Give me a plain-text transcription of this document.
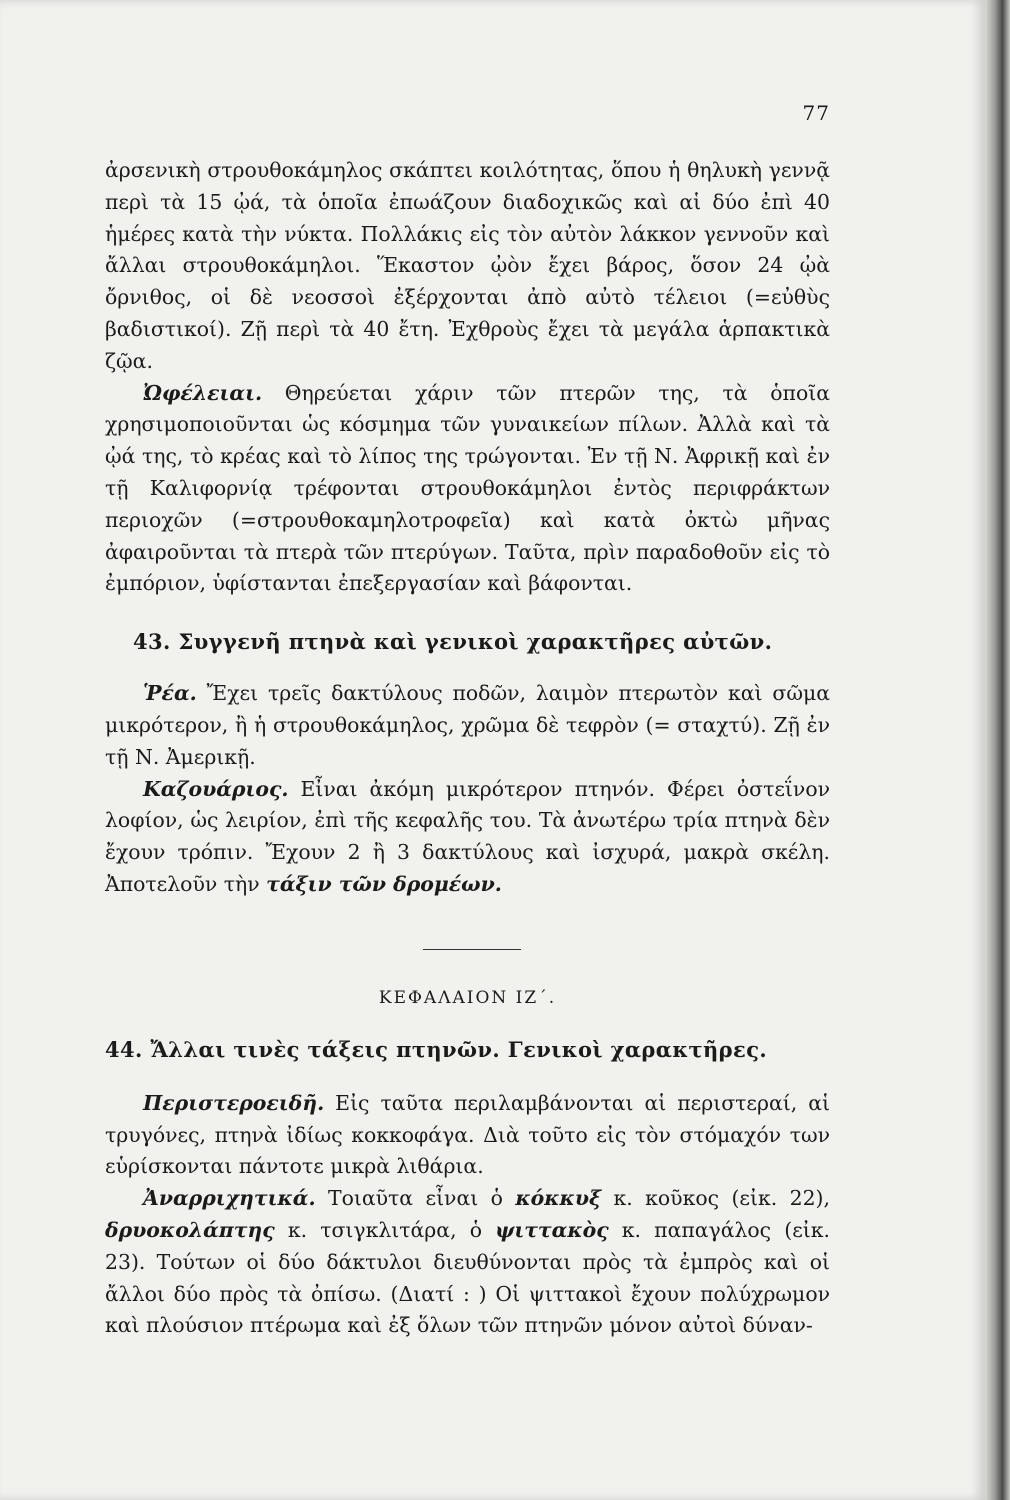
77

ἀρσενικὴ στρουθοκάμηλος σκάπτει κοιλότητας, ὅπου ἡ θηλυκὴ γεννᾷ περὶ τὰ 15 ᾠά, τὰ ὁποῖα ἐπωάζουν διαδοχικῶς καὶ αἱ δύο ἐπὶ 40 ἡμέρες κατὰ τὴν νύκτα. Πολλάκις εἰς τὸν αὐτὸν λάκκον γεννοῦν καὶ ἄλλαι στρουθοκάμηλοι. Ἕκαστον ᾠὸν ἔχει βάρος, ὅσον 24 ᾠὰ ὄρνιθος, οἱ δὲ νεοσσοὶ ἐξέρχονται ἀπὸ αὐτὸ τέλειοι (=εὐθὺς βαδιστικοί). Ζῇ περὶ τὰ 40 ἔτη. Ἐχθροὺς ἔχει τὰ μεγάλα ἁρπακτικὰ ζῷα.

Ὠφέλειαι. Θηρεύεται χάριν τῶν πτερῶν της, τὰ ὁποῖα χρησιμοποιοῦνται ὡς κόσμημα τῶν γυναικείων πίλων. Ἀλλὰ καὶ τὰ ᾠά της, τὸ κρέας καὶ τὸ λίπος της τρώγονται. Ἐν τῇ Ν. Ἀφρικῇ καὶ ἐν τῇ Καλιφορνίᾳ τρέφονται στρουθοκάμηλοι ἐντὸς περιφράκτων περιοχῶν (=στρουθοκαμηλοτροφεῖα) καὶ κατὰ ὀκτὼ μῆνας ἀφαιροῦνται τὰ πτερὰ τῶν πτερύγων. Ταῦτα, πρὶν παραδοθοῦν εἰς τὸ ἐμπόριον, ὑφίστανται ἐπεξεργασίαν καὶ βάφονται.

43. Συγγενῆ πτηνὰ καὶ γενικοὶ χαρακτῆρες αὐτῶν.

Ῥέα. Ἔχει τρεῖς δακτύλους ποδῶν, λαιμὸν πτερωτὸν καὶ σῶμα μικρότερον, ἢ ἡ στρουθοκάμηλος, χρῶμα δὲ τεφρὸν (= σταχτύ). Ζῇ ἐν τῇ Ν. Ἀμερικῇ.

Καζουάριος. Εἶναι ἀκόμη μικρότερον πτηνόν. Φέρει ὀστεΐνον λοφίον, ὡς λειρίον, ἐπὶ τῆς κεφαλῆς του. Τὰ ἀνωτέρω τρία πτηνὰ δὲν ἔχουν τρόπιν. Ἔχουν 2 ἢ 3 δακτύλους καὶ ἰσχυρά, μακρὰ σκέλη. Ἀποτελοῦν τὴν τάξιν τῶν δρομέων.

ΚΕΦΑΛΑΙΟΝ ΙΖ΄.
44. Ἄλλαι τινὲς τάξεις πτηνῶν. Γενικοὶ χαρακτῆρες.

Περιστεροειδῆ. Εἰς ταῦτα περιλαμβάνονται αἱ περιστεραί, αἱ τρυγόνες, πτηνὰ ἰδίως κοκκοφάγα. Διὰ τοῦτο εἰς τὸν στόμαχόν των εὑρίσκονται πάντοτε μικρὰ λιθάρια.

Ἀναρριχητικά. Τοιαῦτα εἶναι ὁ κόκκυξ κ. κοῦκος (εἰκ. 22), δρυοκολάπτης κ. τσιγκλιτάρα, ὁ ψιττακὸς κ. παπαγάλος (εἰκ. 23). Τούτων οἱ δύο δάκτυλοι διευθύνονται πρὸς τὰ ἐμπρὸς καὶ οἱ ἄλλοι δύο πρὸς τὰ ὀπίσω. (Διατί : ) Οἱ ψιττακοὶ ἔχουν πολύχρωμον καὶ πλούσιον πτέρωμα καὶ ἐξ ὅλων τῶν πτηνῶν μόνον αὐτοὶ δύναν-
